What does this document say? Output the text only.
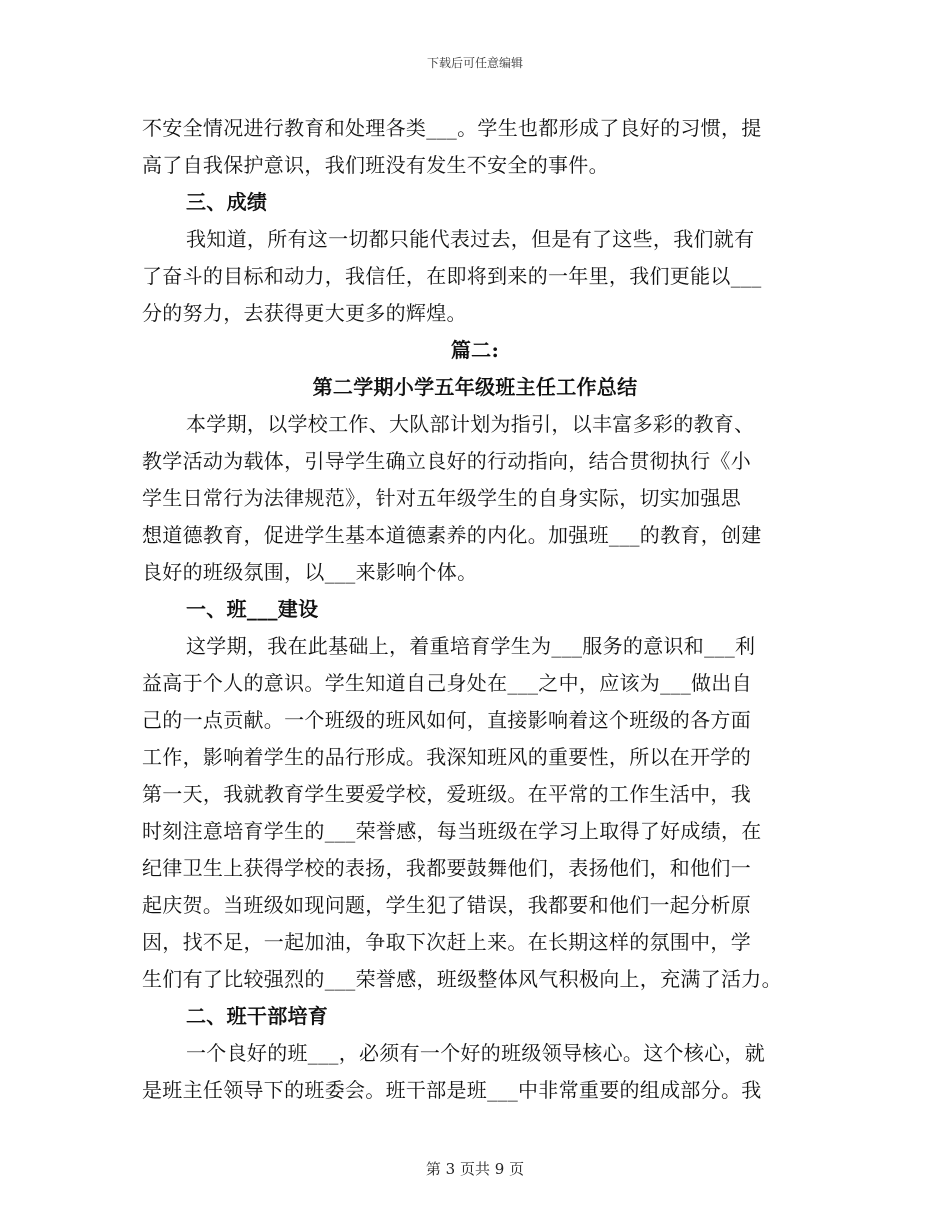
下载后可任意编辑
不安全情况进行教育和处理各类___。学生也都形成了良好的习惯，提
高了自我保护意识，我们班没有发生不安全的事件。
三、成绩
我知道，所有这一切都只能代表过去，但是有了这些，我们就有
了奋斗的目标和动力，我信任，在即将到来的一年里，我们更能以___
分的努力，去获得更大更多的辉煌。
篇二:
第二学期小学五年级班主任工作总结
本学期，以学校工作、大队部计划为指引，以丰富多彩的教育、
教学活动为载体，引导学生确立良好的行动指向，结合贯彻执行《小
学生日常行为法律规范》，针对五年级学生的自身实际，切实加强思
想道德教育，促进学生基本道德素养的内化。加强班___的教育，创建
良好的班级氛围，以___来影响个体。
一、班___建设
这学期，我在此基础上，着重培育学生为___服务的意识和___利
益高于个人的意识。学生知道自己身处在___之中，应该为___做出自
己的一点贡献。一个班级的班风如何，直接影响着这个班级的各方面
工作，影响着学生的品行形成。我深知班风的重要性，所以在开学的
第一天，我就教育学生要爱学校，爱班级。在平常的工作生活中，我
时刻注意培育学生的___荣誉感，每当班级在学习上取得了好成绩，在
纪律卫生上获得学校的表扬，我都要鼓舞他们，表扬他们，和他们一
起庆贺。当班级如现问题，学生犯了错误，我都要和他们一起分析原
因，找不足，一起加油，争取下次赶上来。在长期这样的氛围中，学
生们有了比较强烈的___荣誉感，班级整体风气积极向上，充满了活力。
二、班干部培育
一个良好的班___，必须有一个好的班级领导核心。这个核心，就
是班主任领导下的班委会。班干部是班___中非常重要的组成部分。我
第 3 页共 9 页
